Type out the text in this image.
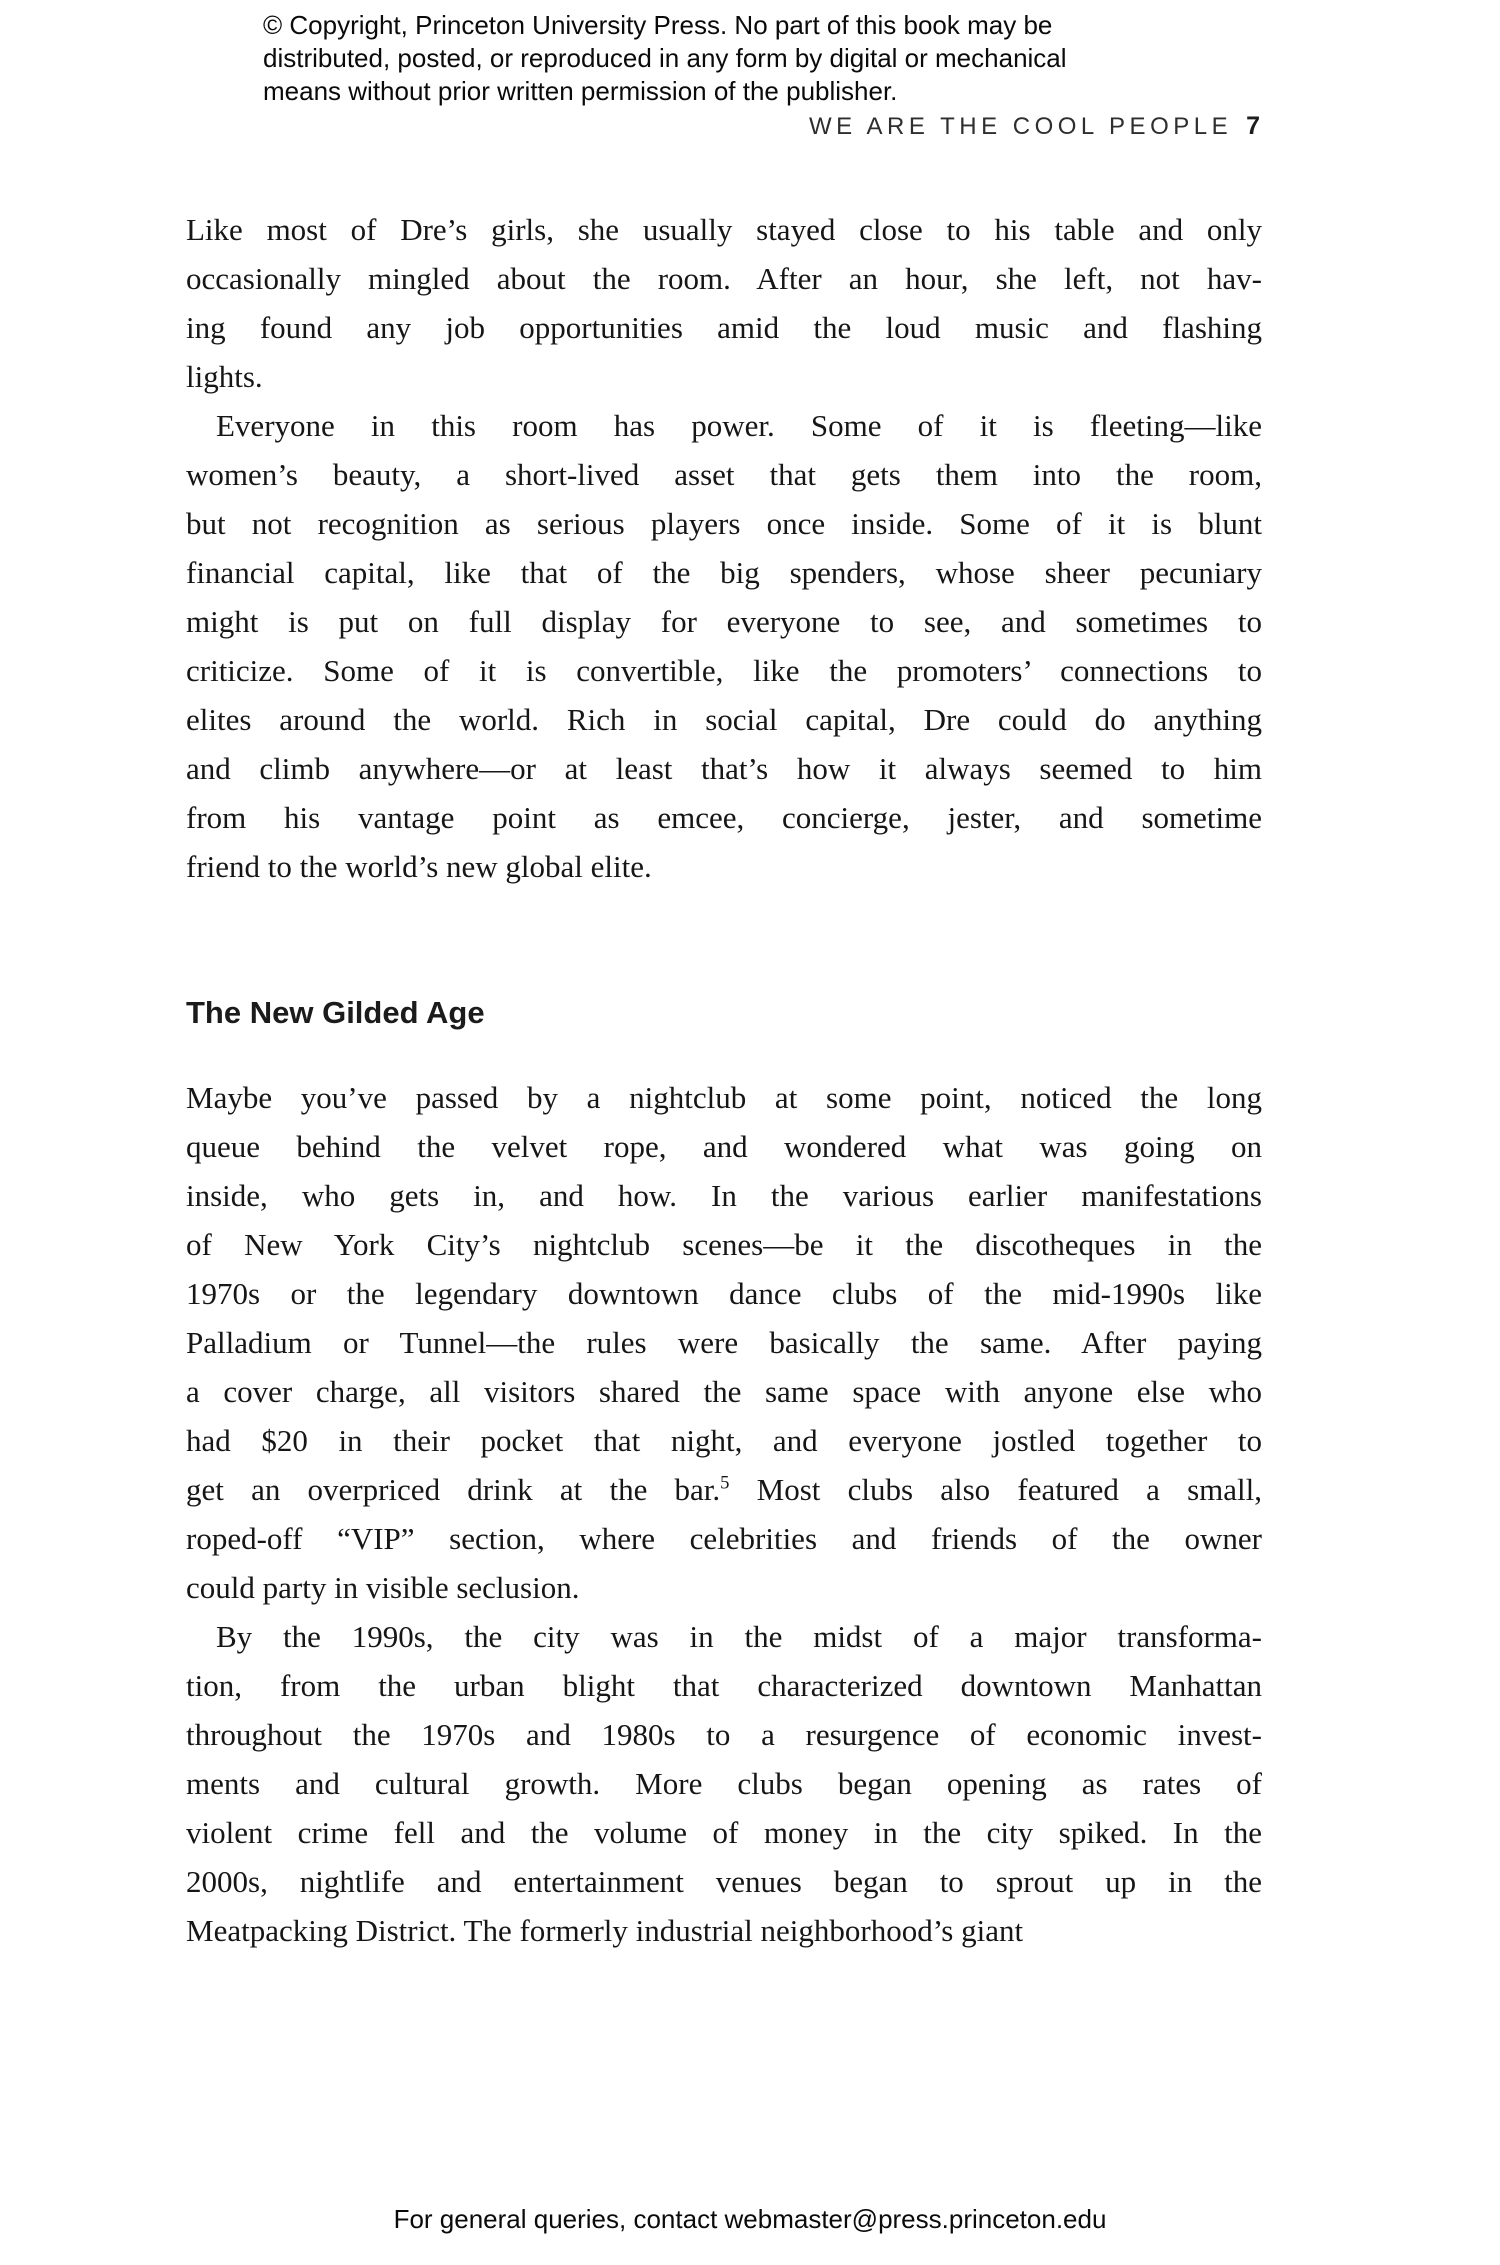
© Copyright, Princeton University Press. No part of this book may be
distributed, posted, or reproduced in any form by digital or mechanical
means without prior written permission of the publisher.
WE ARE THE COOL PEOPLE 7
Like most of Dre’s girls, she usually stayed close to his table and only
occasionally mingled about the room. After an hour, she left, not hav-
ing found any job opportunities amid the loud music and flashing
lights.
Everyone in this room has power. Some of it is fleeting—like
women’s beauty, a short-lived asset that gets them into the room,
but not recognition as serious players once inside. Some of it is blunt
financial capital, like that of the big spenders, whose sheer pecuniary
might is put on full display for everyone to see, and sometimes to
criticize. Some of it is convertible, like the promoters’ connections to
elites around the world. Rich in social capital, Dre could do anything
and climb anywhere—or at least that’s how it always seemed to him
from his vantage point as emcee, concierge, jester, and sometime
friend to the world’s new global elite.
The New Gilded Age
Maybe you’ve passed by a nightclub at some point, noticed the long
queue behind the velvet rope, and wondered what was going on
inside, who gets in, and how. In the various earlier manifestations
of New York City’s nightclub scenes—be it the discotheques in the
1970s or the legendary downtown dance clubs of the mid-1990s like
Palladium or Tunnel—the rules were basically the same. After paying
a cover charge, all visitors shared the same space with anyone else who
had $20 in their pocket that night, and everyone jostled together to
get an overpriced drink at the bar.$^5$ Most clubs also featured a small,
roped-off “VIP” section, where celebrities and friends of the owner
could party in visible seclusion.
By the 1990s, the city was in the midst of a major transforma-
tion, from the urban blight that characterized downtown Manhattan
throughout the 1970s and 1980s to a resurgence of economic invest-
ments and cultural growth. More clubs began opening as rates of
violent crime fell and the volume of money in the city spiked. In the
2000s, nightlife and entertainment venues began to sprout up in the
Meatpacking District. The formerly industrial neighborhood’s giant
For general queries, contact webmaster@press.princeton.edu
